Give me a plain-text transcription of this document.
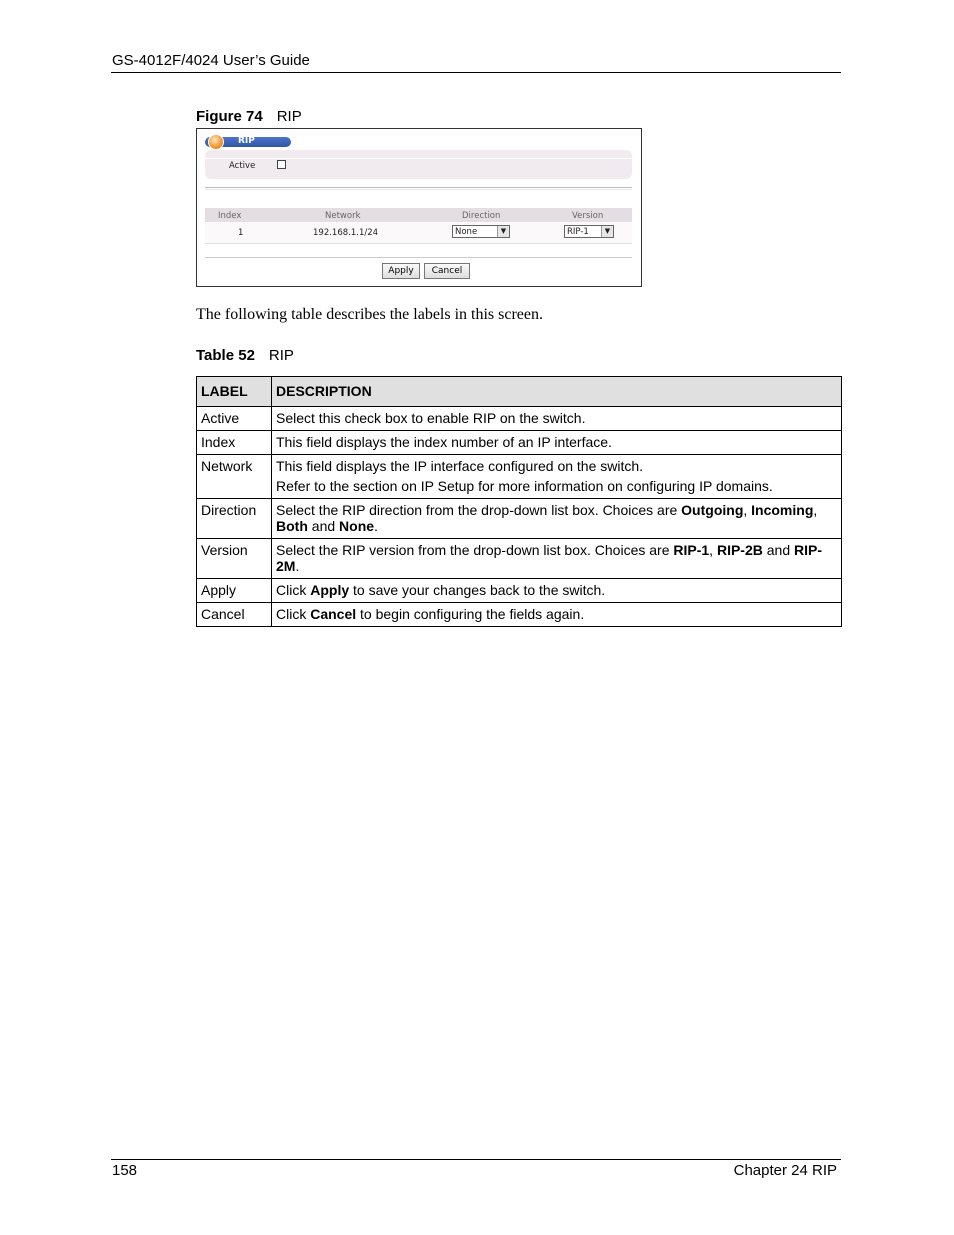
GS-4012F/4024 User’s Guide
Figure 74 RIP
RIP
Active
Index	Network	Direction	Version
1	192.168.1.1/24	None	▼	RIP-1	▼
Apply	Cancel
The following table describes the labels in this screen.
Table 52 RIP
LABEL	DESCRIPTION
Active	Select this check box to enable RIP on the switch.
Index	This field displays the index number of an IP interface.
Network	This field displays the IP interface configured on the switch.

Refer to the section on IP Setup for more information on configuring IP domains.

Direction	Select the RIP direction from the drop-down list box. Choices are Outgoing, Incoming, Both and None.
Version	Select the RIP version from the drop-down list box. Choices are RIP-1, RIP-2B and RIP-2M.
Apply	Click Apply to save your changes back to the switch.
Cancel	Click Cancel to begin configuring the fields again.
158	Chapter 24 RIP
